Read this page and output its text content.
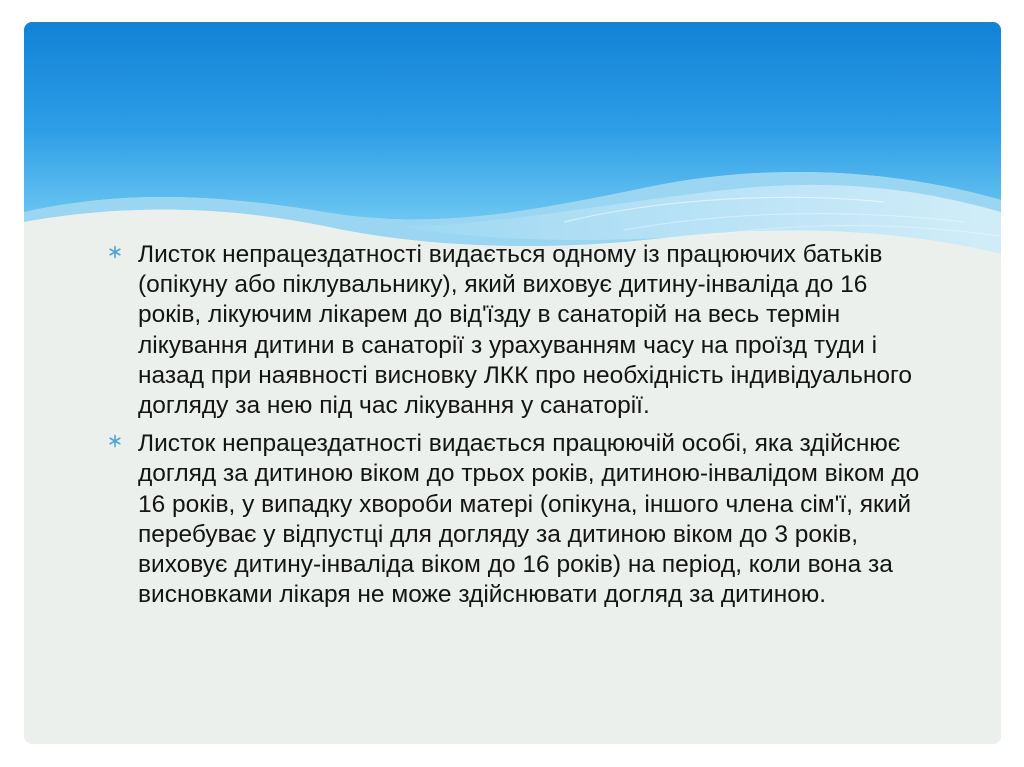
Листок непрацездатності видається одному із працюючих батьків (опікуну або піклувальнику), який виховує дитину-інваліда до 16 років, лікуючим лікарем до від'їзду в санаторій на весь термін лікування дитини в санаторії з урахуванням часу на проїзд туди і назад при наявності висновку ЛКК про необхідність індивідуального догляду за нею під час лікування у санаторії.
Листок непрацездатності видається працюючій особі, яка здійснює догляд за дитиною віком до трьох років, дитиною-інвалідом віком до 16 років, у випадку хвороби матері (опікуна, іншого члена сім'ї, який перебуває у відпустці для догляду за дитиною віком до 3 років, виховує дитину-інваліда віком до 16 років) на період, коли вона за висновками лікаря не може здійснювати догляд за дитиною.
